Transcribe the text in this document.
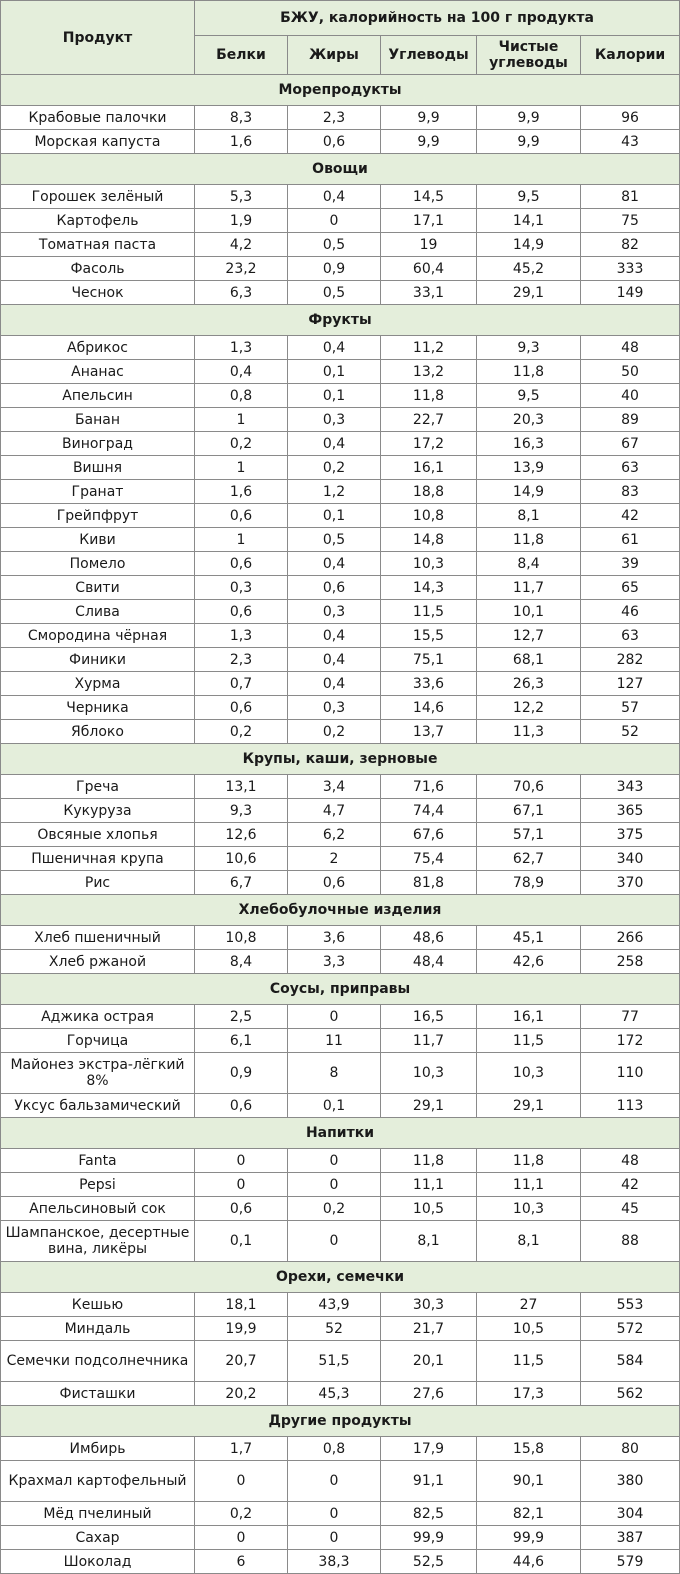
Продукт	БЖУ, калорийность на 100 г продукта				
	Белки	Жиры	Углеводы	Чистые углеводы	Калории
Морепродукты					
Крабовые палочки	8,3	2,3	9,9	9,9	96
Морская капуста	1,6	0,6	9,9	9,9	43
Овощи					
Горошек зелёный	5,3	0,4	14,5	9,5	81
Картофель	1,9	0	17,1	14,1	75
Томатная паста	4,2	0,5	19	14,9	82
Фасоль	23,2	0,9	60,4	45,2	333
Чеснок	6,3	0,5	33,1	29,1	149
Фрукты					
Абрикос	1,3	0,4	11,2	9,3	48
Ананас	0,4	0,1	13,2	11,8	50
Апельсин	0,8	0,1	11,8	9,5	40
Банан	1	0,3	22,7	20,3	89
Виноград	0,2	0,4	17,2	16,3	67
Вишня	1	0,2	16,1	13,9	63
Гранат	1,6	1,2	18,8	14,9	83
Грейпфрут	0,6	0,1	10,8	8,1	42
Киви	1	0,5	14,8	11,8	61
Помело	0,6	0,4	10,3	8,4	39
Свити	0,3	0,6	14,3	11,7	65
Слива	0,6	0,3	11,5	10,1	46
Смородина чёрная	1,3	0,4	15,5	12,7	63
Финики	2,3	0,4	75,1	68,1	282
Хурма	0,7	0,4	33,6	26,3	127
Черника	0,6	0,3	14,6	12,2	57
Яблоко	0,2	0,2	13,7	11,3	52
Крупы, каши, зерновые					
Греча	13,1	3,4	71,6	70,6	343
Кукуруза	9,3	4,7	74,4	67,1	365
Овсяные хлопья	12,6	6,2	67,6	57,1	375
Пшеничная крупа	10,6	2	75,4	62,7	340
Рис	6,7	0,6	81,8	78,9	370
Хлебобулочные изделия					
Хлеб пшеничный	10,8	3,6	48,6	45,1	266
Хлеб ржаной	8,4	3,3	48,4	42,6	258
Соусы, приправы					
Аджика острая	2,5	0	16,5	16,1	77
Горчица	6,1	11	11,7	11,5	172
Майонез экстра-лёгкий 8%	0,9	8	10,3	10,3	110
Уксус бальзамический	0,6	0,1	29,1	29,1	113
Напитки					
Fanta	0	0	11,8	11,8	48
Pepsi	0	0	11,1	11,1	42
Апельсиновый сок	0,6	0,2	10,5	10,3	45
Шампанское, десертные вина, ликёры	0,1	0	8,1	8,1	88
Орехи, семечки					
Кешью	18,1	43,9	30,3	27	553
Миндаль	19,9	52	21,7	10,5	572
Семечки подсолнечника	20,7	51,5	20,1	11,5	584
Фисташки	20,2	45,3	27,6	17,3	562
Другие продукты					
Имбирь	1,7	0,8	17,9	15,8	80
Крахмал картофельный	0	0	91,1	90,1	380
Мёд пчелиный	0,2	0	82,5	82,1	304
Сахар	0	0	99,9	99,9	387
Шоколад	6	38,3	52,5	44,6	579
